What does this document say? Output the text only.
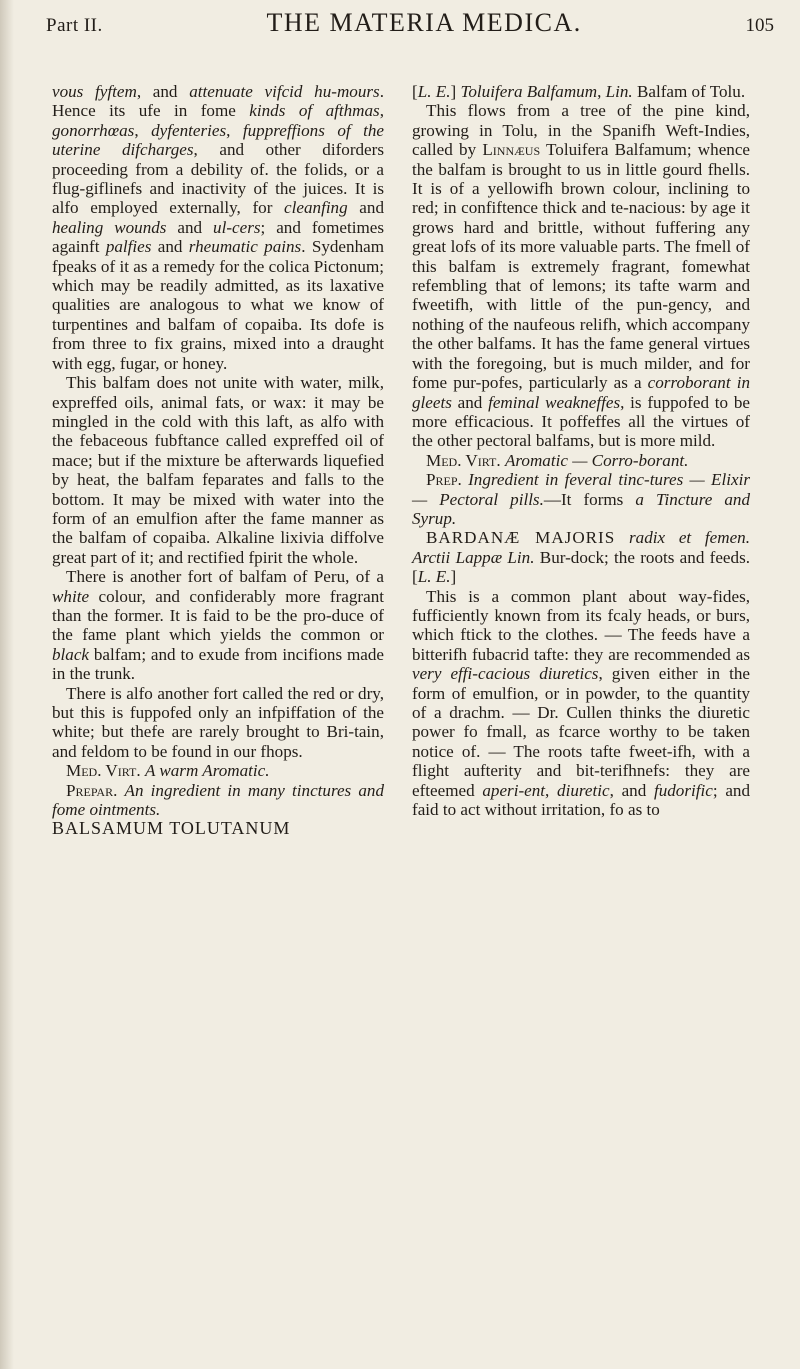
Part II.	THE MATERIA MEDICA.	105

vous fyftem, and attenuate vifcid hu-mours. Hence its ufe in fome kinds of afthmas, gonorrhœas, dyfenteries, fuppreffions of the uterine difcharges, and other diforders proceeding from a debility of. the folids, or a flug-giflinefs and inactivity of the juices. It is alfo employed externally, for cleanfing and healing wounds and ul-cers; and fometimes againft palfies and rheumatic pains. Sydenham fpeaks of it as a remedy for the colica Pictonum; which may be readily admitted, as its laxative qualities are analogous to what we know of turpentines and balfam of copaiba. Its dofe is from three to fix grains, mixed into a draught with egg, fugar, or honey.

This balfam does not unite with water, milk, expreffed oils, animal fats, or wax: it may be mingled in the cold with this laft, as alfo with the febaceous fubftance called expreffed oil of mace; but if the mixture be afterwards liquefied by heat, the balfam feparates and falls to the bottom. It may be mixed with water into the form of an emulfion after the fame manner as the balfam of copaiba. Alkaline lixivia diffolve great part of it; and rectified fpirit the whole.

There is another fort of balfam of Peru, of a white colour, and confiderably more fragrant than the former. It is faid to be the pro-duce of the fame plant which yields the common or black balfam; and to exude from incifions made in the trunk.

There is alfo another fort called the red or dry, but this is fuppofed only an infpiffation of the white; but thefe are rarely brought to Bri-tain, and feldom to be found in our fhops.

Med. Virt. A warm Aromatic.

Prepar. An ingredient in many tinctures and fome ointments.

BALSAMUM TOLUTANUM

[L. E.] Toluifera Balfamum, Lin. Balfam of Tolu.

This flows from a tree of the pine kind, growing in Tolu, in the Spanifh Weft-Indies, called by Linnæus Toluifera Balfamum; whence the balfam is brought to us in little gourd fhells. It is of a yellowifh brown colour, inclining to red; in confiftence thick and te-nacious: by age it grows hard and brittle, without fuffering any great lofs of its more valuable parts. The fmell of this balfam is extremely fragrant, fomewhat refembling that of lemons; its tafte warm and fweetifh, with little of the pun-gency, and nothing of the naufeous relifh, which accompany the other balfams. It has the fame general virtues with the foregoing, but is much milder, and for fome pur-pofes, particularly as a corroborant in gleets and feminal weakneffes, is fuppofed to be more efficacious. It poffeffes all the virtues of the other pectoral balfams, but is more mild.

Med. Virt. Aromatic — Corro-borant.

Prep. Ingredient in feveral tinc-tures — Elixir — Pectoral pills.—It forms a Tincture and Syrup.

BARDANÆ MAJORIS radix et femen. Arctii Lappæ Lin. Bur-dock; the roots and feeds. [L. E.]

This is a common plant about way-fides, fufficiently known from its fcaly heads, or burs, which ftick to the clothes. — The feeds have a bitterifh fubacrid tafte: they are recommended as very effi-cacious diuretics, given either in the form of emulfion, or in powder, to the quantity of a drachm. — Dr. Cullen thinks the diuretic power fo fmall, as fcarce worthy to be taken notice of. — The roots tafte fweet-ifh, with a flight aufterity and bit-terifhnefs: they are efteemed aperi-ent, diuretic, and fudorific; and faid to act without irritation, fo as to
